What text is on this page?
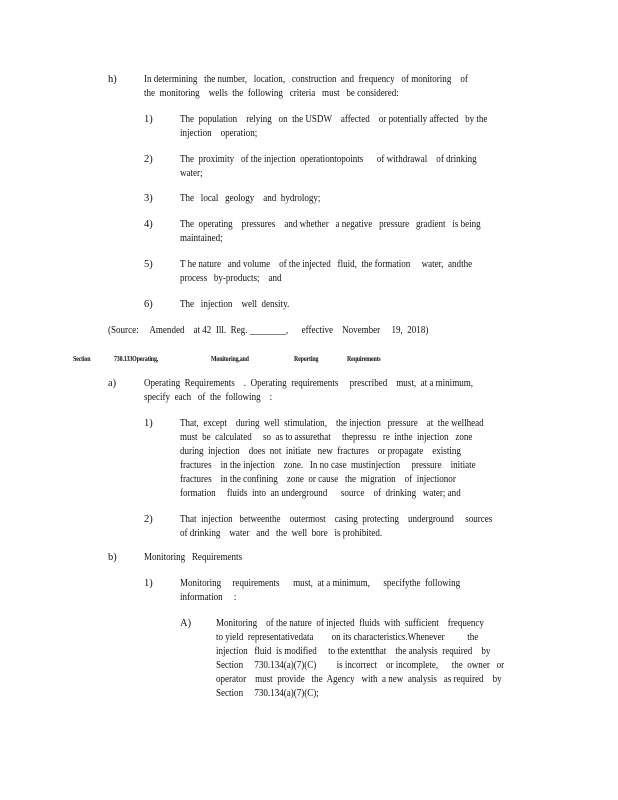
h)	In determining   the number,   location,   construction  and  frequency   of monitoring    of
the  monitoring    wells  the  following   criteria   must   be considered:
1)	The  population    relying   on  the USDW    affected    or potentially affected   by the
injection    operation;
2)	The  proximity   of the injection  operationtopoints      of withdrawal    of drinking
water;
3)	The   local   geology    and  hydrology;
4)	The  operating    pressures    and whether   a negative   pressure   gradient   is being
maintained;
5)	T he nature   and volume    of the injected   fluid,  the formation     water,  andthe
process   by-products;    and
6)	The   injection    well  density.
(Source:     Amended    at 42  Ill.  Reg. ________,      effective    November     19,  2018)
Section	730.133Operating,	Monitoring,and	Reporting	Requirements
a)	Operating  Requirements    .  Operating  requirements     prescribed    must,  at a minimum,
specify  each   of  the  following    :
1)	That,  except    during  well  stimulation,    the injection   pressure    at  the wellhead
must  be  calculated     so  as to assurethat     thepressu   re  inthe  injection   zone
during  injection    does  not  initiate   new  fractures    or propagate    existing
fractures    in the injection    zone.   In no case  mustinjection     pressure    initiate
fractures    in the confining    zone  or cause   the  migration    of  injectionor
formation     fluids  into  an underground      source    of  drinking   water; and
2)	That  injection   betweenthe    outermost    casing  protecting    underground     sources
of drinking    water   and   the  well  bore   is prohibited.
b)	Monitoring   Requirements
1)	Monitoring     requirements      must,  at a minimum,      specifythe  following
information     :
A) Monitoring    of the nature  of injected  fluids  with  sufficient    frequency
to yield  representativedata        on its characteristics.Whenever          the
injection   fluid  is modified     to the extentthat    the analysis  required    by
Section     730.134(a)(7)(C)         is incorrect    or incomplete,      the  owner   or
operator    must  provide   the  Agency   with  a new  analysis   as required    by
Section     730.134(a)(7)(C);
